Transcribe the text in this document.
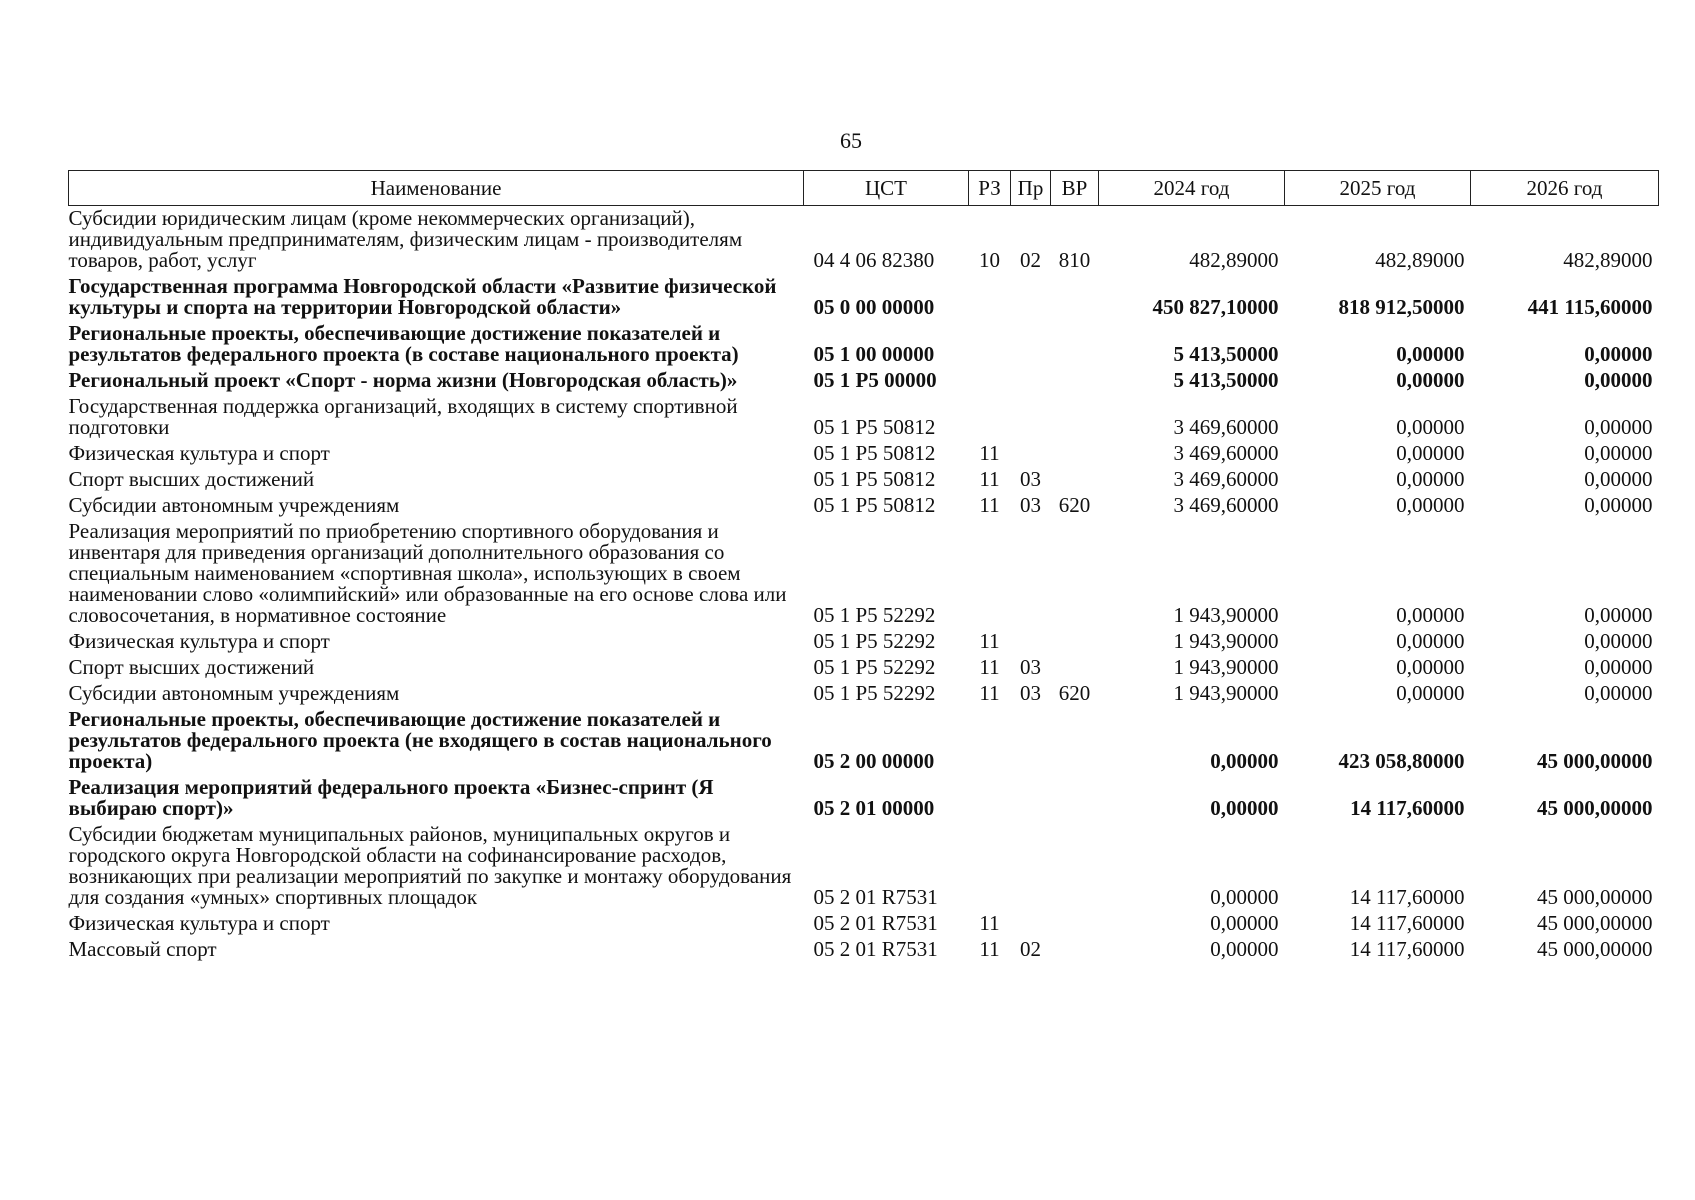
65
Наименование	ЦСТ	РЗ	Пр	ВР	2024 год	2025 год	2026 год
Субсидии юридическим лицам (кроме некоммерческих организаций), индивидуальным предпринимателям, физическим лицам - производителям товаров, работ, услуг	04 4 06 82380	10	02	810	482,89000	482,89000	482,89000
Государственная программа Новгородской области «Развитие физической культуры и спорта на территории Новгородской области»	05 0 00 00000				450 827,10000	818 912,50000	441 115,60000
Региональные проекты, обеспечивающие достижение показателей и результатов федерального проекта (в составе национального проекта)	05 1 00 00000				5 413,50000	0,00000	0,00000
Региональный проект «Спорт - норма жизни (Новгородская область)»	05 1 P5 00000				5 413,50000	0,00000	0,00000
Государственная поддержка организаций, входящих в систему спортивной подготовки	05 1 P5 50812				3 469,60000	0,00000	0,00000
Физическая культура и спорт	05 1 P5 50812	11			3 469,60000	0,00000	0,00000
Спорт высших достижений	05 1 P5 50812	11	03		3 469,60000	0,00000	0,00000
Субсидии автономным учреждениям	05 1 P5 50812	11	03	620	3 469,60000	0,00000	0,00000
Реализация мероприятий по приобретению спортивного оборудования и инвентаря для приведения организаций дополнительного образования со специальным наименованием «спортивная школа», использующих в своем наименовании слово «олимпийский» или образованные на его основе слова или словосочетания, в нормативное состояние	05 1 P5 52292				1 943,90000	0,00000	0,00000
Физическая культура и спорт	05 1 P5 52292	11			1 943,90000	0,00000	0,00000
Спорт высших достижений	05 1 P5 52292	11	03		1 943,90000	0,00000	0,00000
Субсидии автономным учреждениям	05 1 P5 52292	11	03	620	1 943,90000	0,00000	0,00000
Региональные проекты, обеспечивающие достижение показателей и результатов федерального проекта (не входящего в состав национального проекта)	05 2 00 00000				0,00000	423 058,80000	45 000,00000
Реализация мероприятий федерального проекта «Бизнес-спринт (Я выбираю спорт)»	05 2 01 00000				0,00000	14 117,60000	45 000,00000
Субсидии бюджетам муниципальных районов, муниципальных округов и городского округа Новгородской области на софинансирование расходов, возникающих при реализации мероприятий по закупке и монтажу оборудования для создания «умных» спортивных площадок	05 2 01 R7531				0,00000	14 117,60000	45 000,00000
Физическая культура и спорт	05 2 01 R7531	11			0,00000	14 117,60000	45 000,00000
Массовый спорт	05 2 01 R7531	11	02		0,00000	14 117,60000	45 000,00000
